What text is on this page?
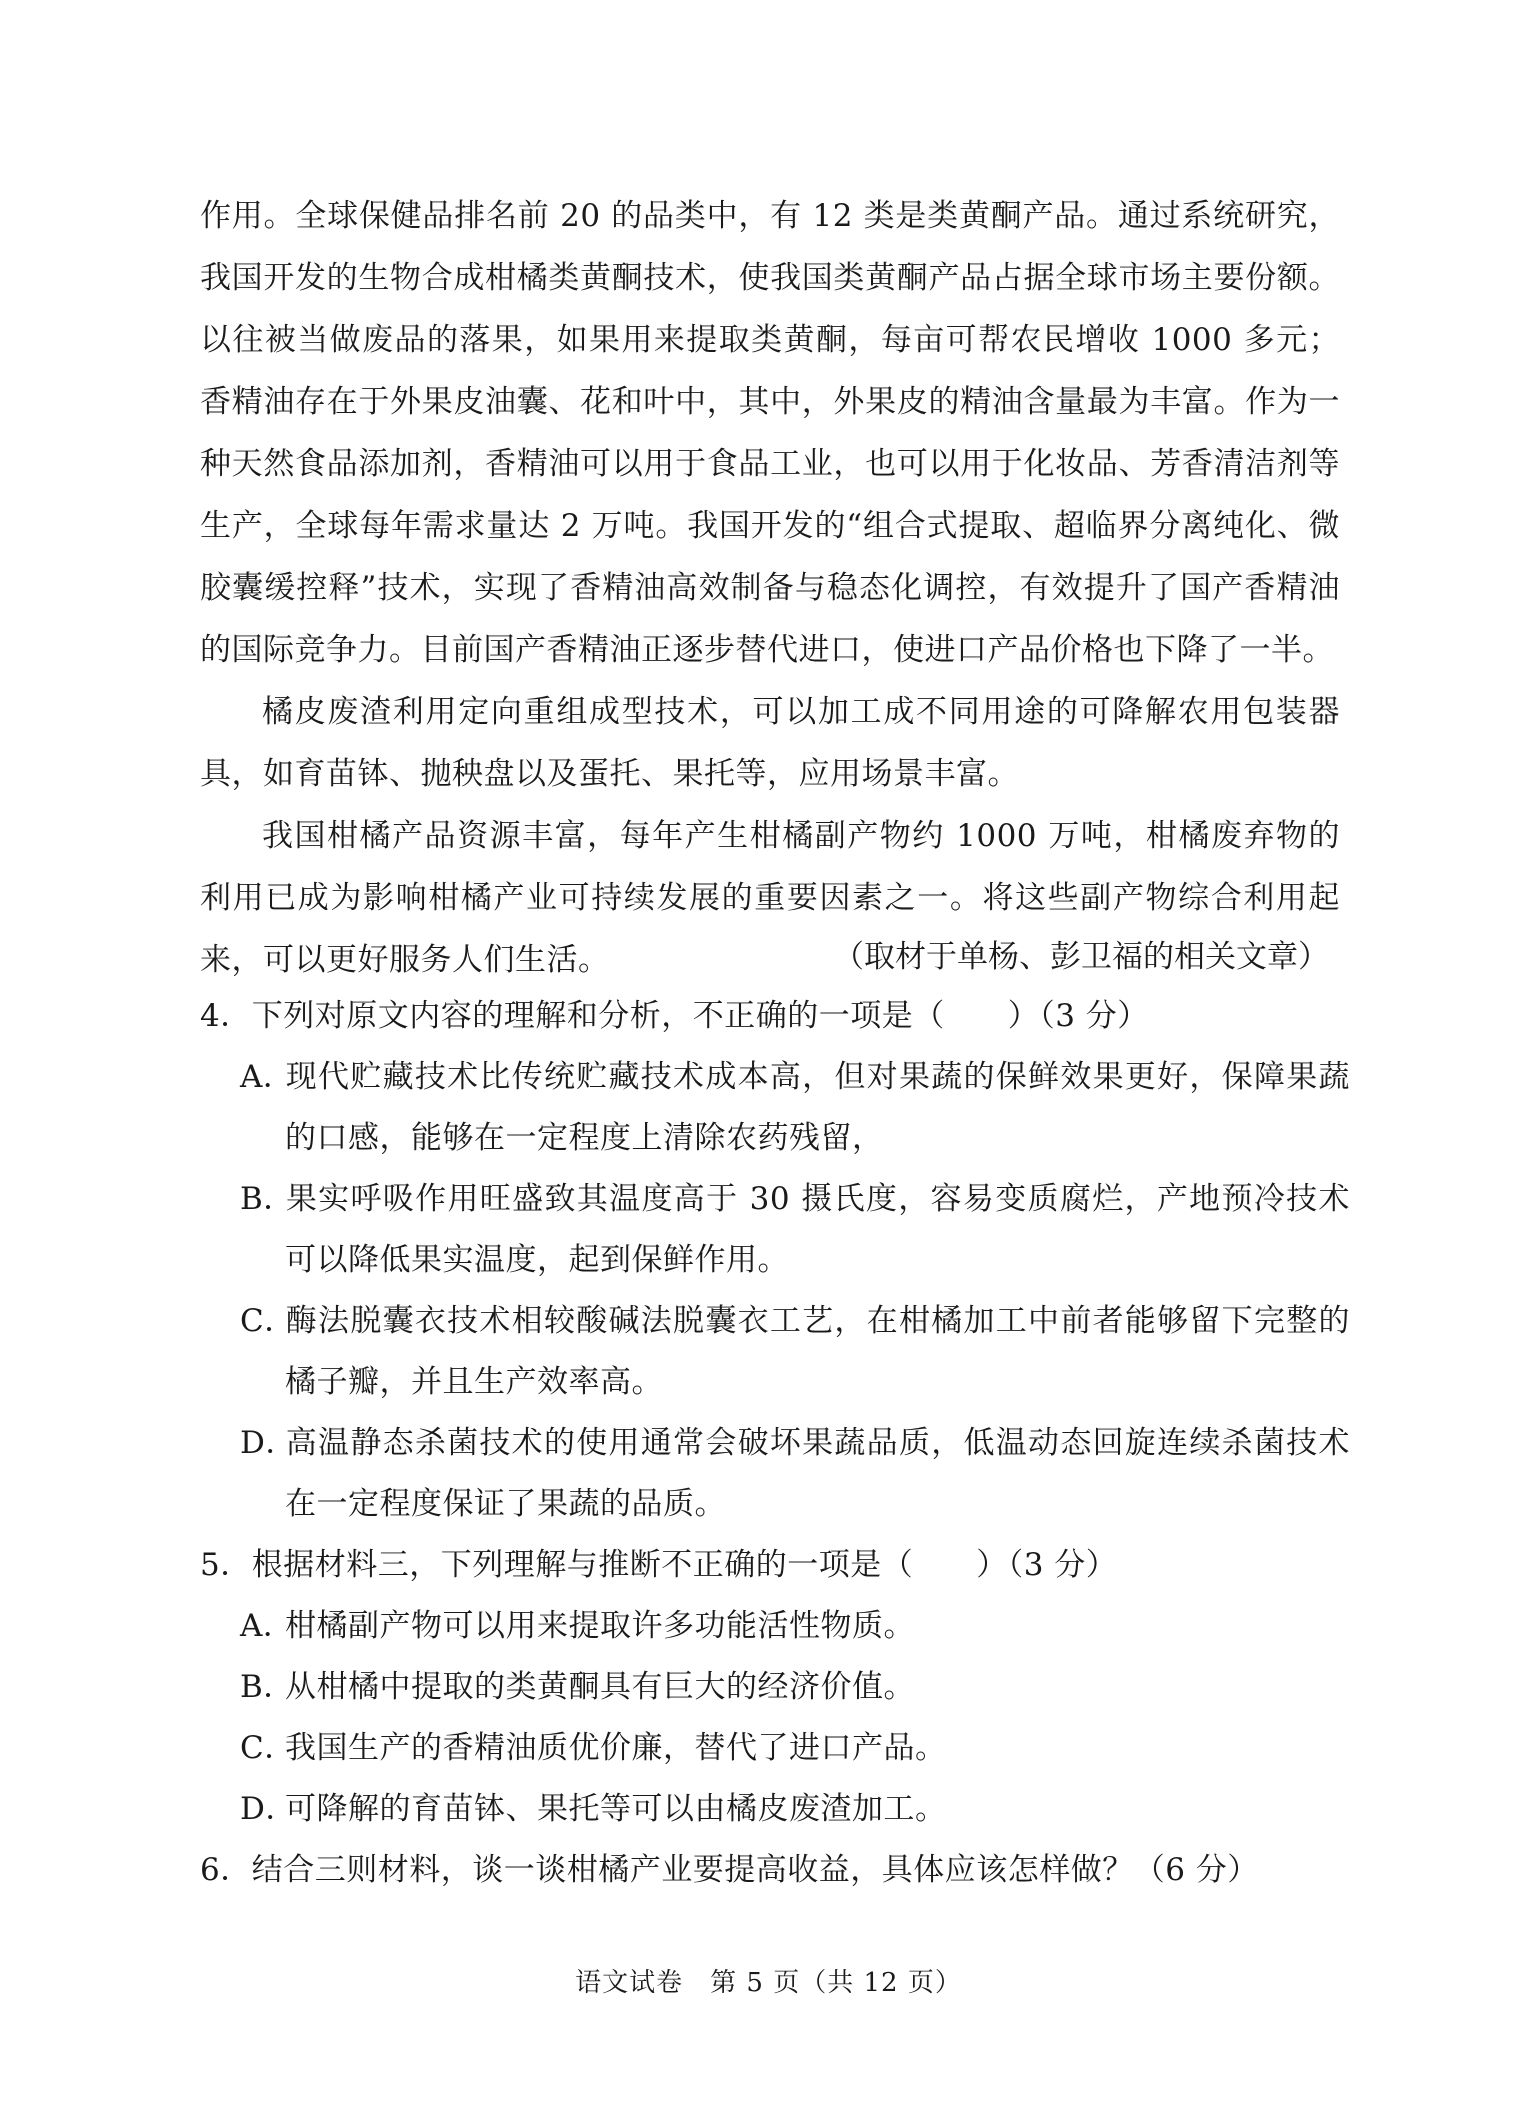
作用。全球保健品排名前 20 的品类中，有 12 类是类黄酮产品。通过系统研究，我国开发的生物合成柑橘类黄酮技术，使我国类黄酮产品占据全球市场主要份额。以往被当做废品的落果，如果用来提取类黄酮，每亩可帮农民增收 1000 多元；香精油存在于外果皮油囊、花和叶中，其中，外果皮的精油含量最为丰富。作为一种天然食品添加剂，香精油可以用于食品工业，也可以用于化妆品、芳香清洁剂等生产，全球每年需求量达 2 万吨。我国开发的“组合式提取、超临界分离纯化、微胶囊缓控释”技术，实现了香精油高效制备与稳态化调控，有效提升了国产香精油的国际竞争力。目前国产香精油正逐步替代进口，使进口产品价格也下降了一半。

橘皮废渣利用定向重组成型技术，可以加工成不同用途的可降解农用包装器具，如育苗钵、抛秧盘以及蛋托、果托等，应用场景丰富。

我国柑橘产品资源丰富，每年产生柑橘副产物约 1000 万吨，柑橘废弃物的利用已成为影响柑橘产业可持续发展的重要因素之一。将这些副产物综合利用起来，可以更好服务人们生活。	（取材于单杨、彭卫福的相关文章）

4．下列对原文内容的理解和分析，不正确的一项是（　　）（3 分）

A．现代贮藏技术比传统贮藏技术成本高，但对果蔬的保鲜效果更好，保障果蔬的口感，能够在一定程度上清除农药残留，

B．果实呼吸作用旺盛致其温度高于 30 摄氏度，容易变质腐烂，产地预冷技术可以降低果实温度，起到保鲜作用。

C．酶法脱囊衣技术相较酸碱法脱囊衣工艺，在柑橘加工中前者能够留下完整的橘子瓣，并且生产效率高。

D．高温静态杀菌技术的使用通常会破坏果蔬品质，低温动态回旋连续杀菌技术在一定程度保证了果蔬的品质。

5．根据材料三，下列理解与推断不正确的一项是（　　）（3 分）

A．柑橘副产物可以用来提取许多功能活性物质。

B．从柑橘中提取的类黄酮具有巨大的经济价值。

C．我国生产的香精油质优价廉，替代了进口产品。

D．可降解的育苗钵、果托等可以由橘皮废渣加工。

6．结合三则材料，谈一谈柑橘产业要提高收益，具体应该怎样做？（6 分）

语文试卷　第 5 页（共 12 页）
